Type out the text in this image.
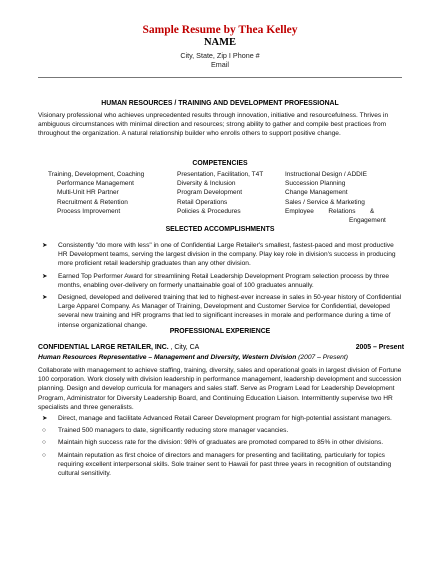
Sample Resume by Thea Kelley
NAME
City, State, Zip I Phone #
Email
HUMAN RESOURCES / TRAINING AND DEVELOPMENT PROFESSIONAL

Visionary professional who achieves unprecedented results through innovation, initiative and resourcefulness. Thrives in ambiguous circumstances with minimal direction and resources; strong ability to gather and compile best practices from throughout the organization. A natural relationship builder who enrolls others to support positive change.

COMPETENCIES
Training, Development, Coaching
Performance Management
Multi-Unit HR Partner
Recruitment & Retention
Process Improvement
Presentation, Facilitation, T4T
Diversity & Inclusion
Program Development
Retail Operations
Policies & Procedures
Instructional Design / ADDIE
Succession Planning
Change Management
Sales / Service & Marketing
Employee        Relations        &
Engagement
SELECTED ACCOMPLISHMENTS
➤ Consistently "do more with less" in one of Confidential Large Retailer's smallest, fastest-paced and most productive HR Development teams, serving the largest division in the company. Play key role in division's success in producing more proficient retail leadership graduates than any other division.
➤ Earned Top Performer Award for streamlining Retail Leadership Development Program selection process by three months, enabling over-delivery on formerly unattainable goal of 100 graduates annually.
➤ Designed, developed and delivered training that led to highest-ever increase in sales in 50-year history of Confidential Large Apparel Company. As Manager of Training, Development and Customer Service for Confidential, developed several new training and HR programs that led to significant increases in morale and performance during a time of intense organizational change.
PROFESSIONAL EXPERIENCE
CONFIDENTIAL LARGE RETAILER, INC. , City, CA	2005 – Present
Human Resources Representative – Management and Diversity, Western Division (2007 – Present)

Collaborate with management to achieve staffing, training, diversity, sales and operational goals in largest division of Fortune 100 corporation. Work closely with division leadership in performance management, leadership development and succession planning. Design and develop curricula for managers and sales staff. Serve as Program Lead for Leadership Development Program, Administrator for Diversity Leadership Board, and Continuing Education Liaison. Intermittently supervise two HR specialists and three generalists.

➤ Direct, manage and facilitate Advanced Retail Career Development program for high-potential assistant managers.
○ Trained 500 managers to date, significantly reducing store manager vacancies.
○ Maintain high success rate for the division: 98% of graduates are promoted compared to 85% in other divisions.
○ Maintain reputation as first choice of directors and managers for presenting and facilitating, particularly for topics requiring excellent interpersonal skills. Sole trainer sent to Hawaii for past three years in recognition of outstanding cultural sensitivity.
